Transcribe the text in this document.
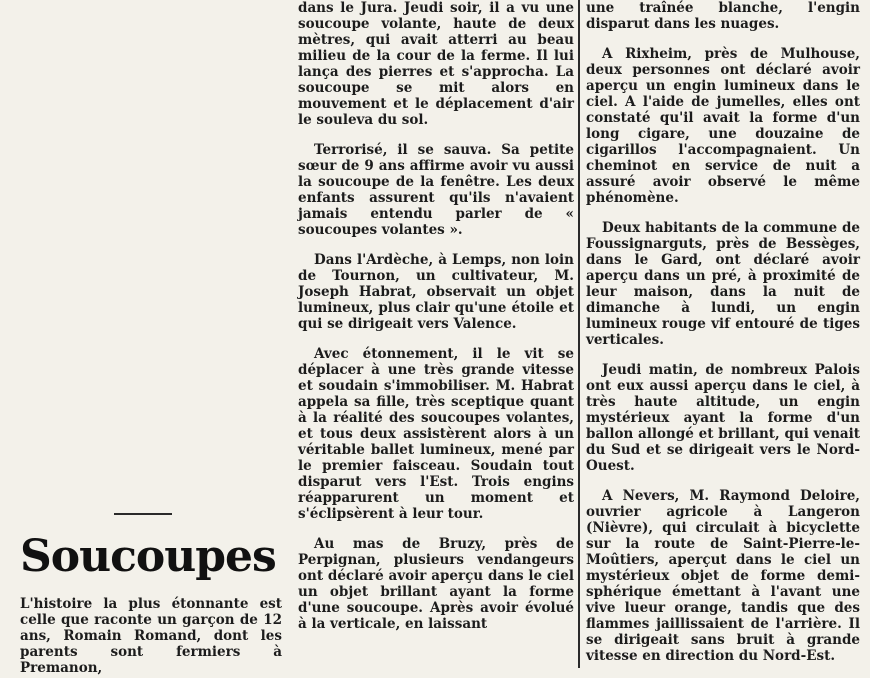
Soucoupes

L'histoire la plus étonnante est celle que raconte un garçon de 12 ans, Romain Romand, dont les parents sont fermiers à Premanon,

dans le Jura. Jeudi soir, il a vu une soucoupe volante, haute de deux mètres, qui avait atterri au beau milieu de la cour de la ferme. Il lui lança des pierres et s'approcha. La soucoupe se mit alors en mouvement et le déplacement d'air le souleva du sol.

Terrorisé, il se sauva. Sa petite sœur de 9 ans affirme avoir vu aussi la soucoupe de la fenêtre. Les deux enfants assurent qu'ils n'avaient jamais entendu parler de « soucoupes volantes ».

Dans l'Ardèche, à Lemps, non loin de Tournon, un cultivateur, M. Joseph Habrat, observait un objet lumineux, plus clair qu'une étoile et qui se dirigeait vers Valence.

Avec étonnement, il le vit se déplacer à une très grande vitesse et soudain s'immobiliser. M. Habrat appela sa fille, très sceptique quant à la réalité des soucoupes volantes, et tous deux assistèrent alors à un véritable ballet lumineux, mené par le premier faisceau. Soudain tout disparut vers l'Est. Trois engins réapparurent un moment et s'éclipsèrent à leur tour.

Au mas de Bruzy, près de Perpignan, plusieurs vendangeurs ont déclaré avoir aperçu dans le ciel un objet brillant ayant la forme d'une soucoupe. Après avoir évolué à la verticale, en laissant

une traînée blanche, l'engin disparut dans les nuages.

A Rixheim, près de Mulhouse, deux personnes ont déclaré avoir aperçu un engin lumineux dans le ciel. A l'aide de jumelles, elles ont constaté qu'il avait la forme d'un long cigare, une douzaine de cigarillos l'accompagnaient. Un cheminot en service de nuit a assuré avoir observé le même phénomène.

Deux habitants de la commune de Foussignarguts, près de Bessèges, dans le Gard, ont déclaré avoir aperçu dans un pré, à proximité de leur maison, dans la nuit de dimanche à lundi, un engin lumineux rouge vif entouré de tiges verticales.

Jeudi matin, de nombreux Palois ont eux aussi aperçu dans le ciel, à très haute altitude, un engin mystérieux ayant la forme d'un ballon allongé et brillant, qui venait du Sud et se dirigeait vers le Nord-Ouest.

A Nevers, M. Raymond Deloire, ouvrier agricole à Langeron (Nièvre), qui circulait à bicyclette sur la route de Saint-Pierre-le-Moûtiers, aperçut dans le ciel un mystérieux objet de forme demi-sphérique émettant à l'avant une vive lueur orange, tandis que des flammes jaillissaient de l'arrière. Il se dirigeait sans bruit à grande vitesse en direction du Nord-Est.
